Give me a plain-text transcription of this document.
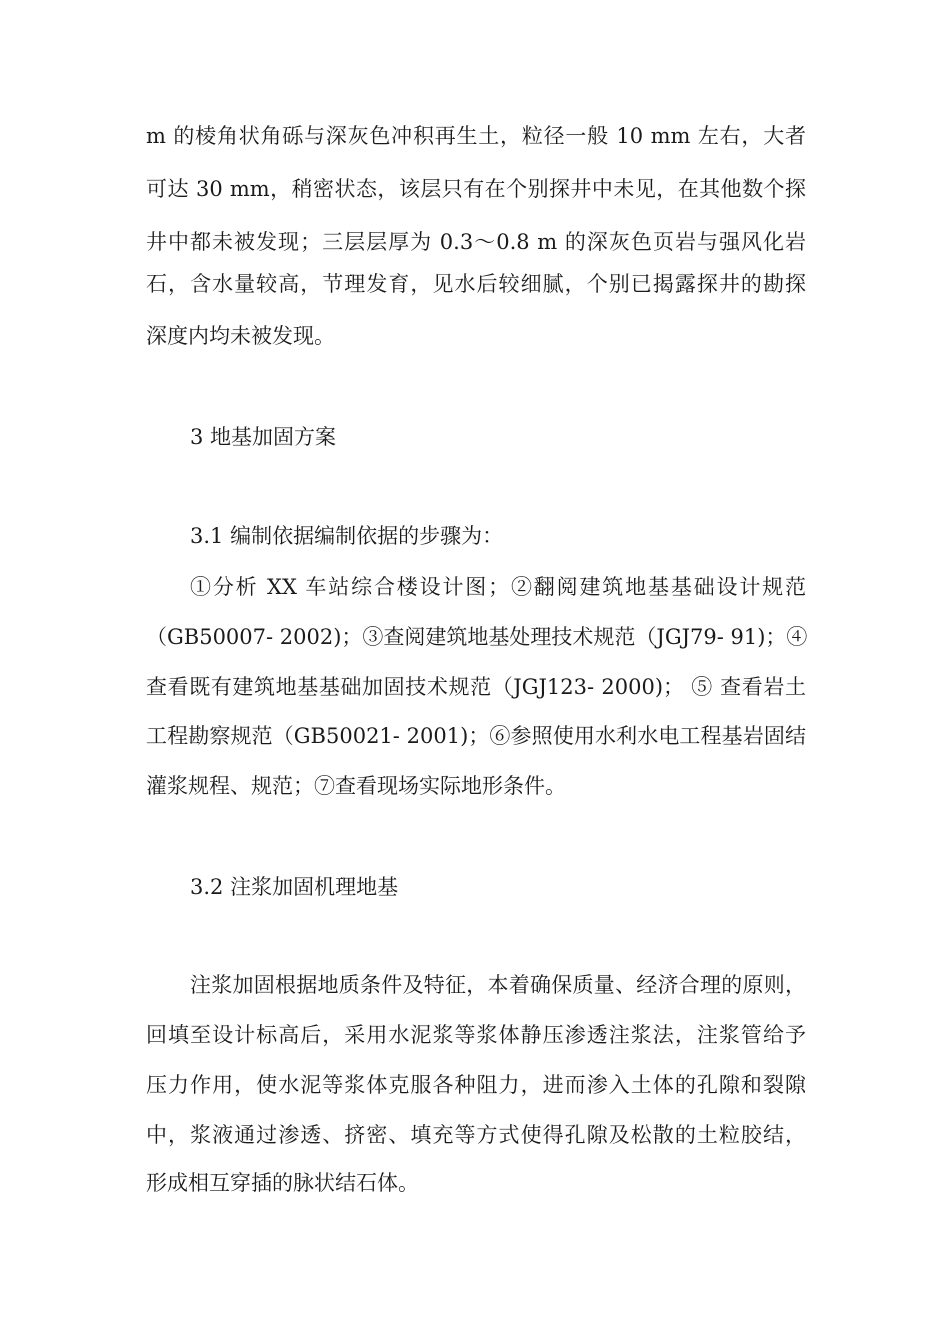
m 的棱角状角砾与深灰色冲积再生土，粒径一般 10 mm 左右，大者
可达 30 mm，稍密状态，该层只有在个别探井中未见，在其他数个探
井中都未被发现；三层层厚为 0.3～0.8 m 的深灰色页岩与强风化岩
石，含水量较高，节理发育，见水后较细腻，个别已揭露探井的勘探
深度内均未被发现。
3 地基加固方案
3.1 编制依据编制依据的步骤为：
①分析 XX 车站综合楼设计图；②翻阅建筑地基基础设计规范
（GB50007- 2002)；③查阅建筑地基处理技术规范（JGJ79- 91)；④
查看既有建筑地基基础加固技术规范（JGJ123- 2000)； ⑤ 查看岩土
工程勘察规范（GB50021- 2001)；⑥参照使用水利水电工程基岩固结
灌浆规程、规范；⑦查看现场实际地形条件。
3.2 注浆加固机理地基
注浆加固根据地质条件及特征，本着确保质量、经济合理的原则，
回填至设计标高后，采用水泥浆等浆体静压渗透注浆法，注浆管给予
压力作用，使水泥等浆体克服各种阻力，进而渗入土体的孔隙和裂隙
中，浆液通过渗透、挤密、填充等方式使得孔隙及松散的土粒胶结，
形成相互穿插的脉状结石体。
